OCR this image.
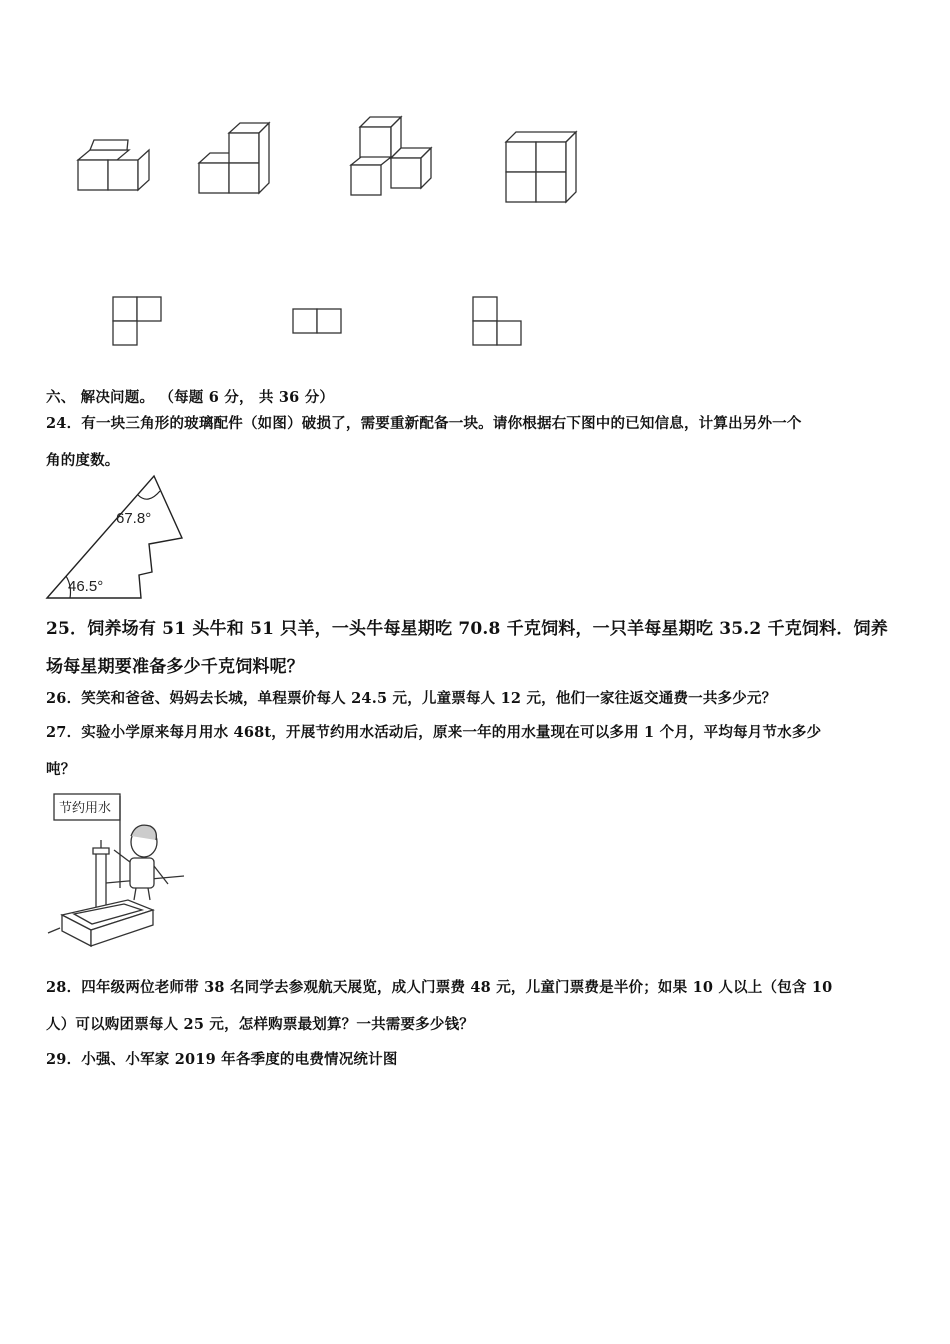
六、 解决问题。 （每题 6 分， 共 36 分）
24．有一块三角形的玻璃配件（如图）破损了，需要重新配备一块。请你根据右下图中的已知信息，计算出另外一个
角的度数。
67.8°
46.5°
25．饲养场有 51 头牛和 51 只羊，一头牛每星期吃 70.8 千克饲料，一只羊每星期吃 35.2 千克饲料．饲养
场每星期要准备多少千克饲料呢？
26．笑笑和爸爸、妈妈去长城，单程票价每人 24.5 元，儿童票每人 12 元，他们一家往返交通费一共多少元？
27．实验小学原来每月用水 468t，开展节约用水活动后，原来一年的用水量现在可以多用 1 个月，平均每月节水多少
吨？
节约用水
28．四年级两位老师带 38 名同学去参观航天展览，成人门票费 48 元，儿童门票费是半价；如果 10 人以上（包含 10
人）可以购团票每人 25 元，怎样购票最划算？一共需要多少钱？
29．小强、小军家 2019 年各季度的电费情况统计图
